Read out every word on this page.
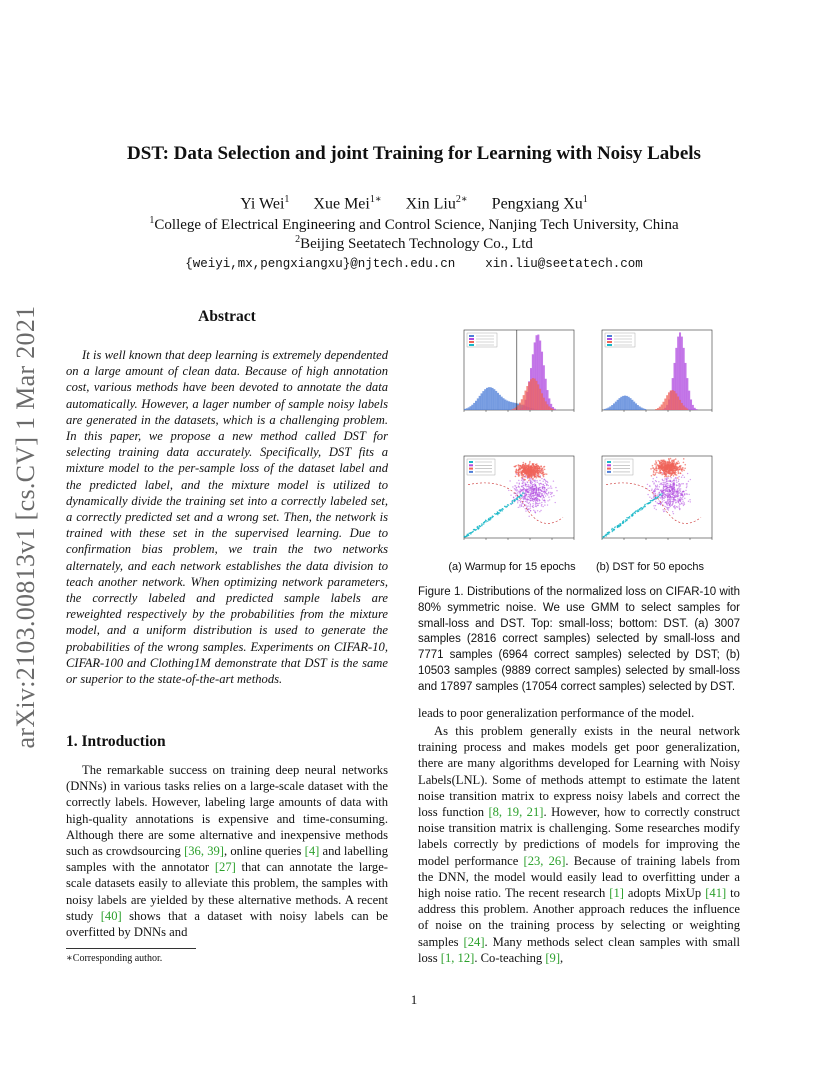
DST: Data Selection and joint Training for Learning with Noisy Labels
Yi Wei$^1$ Xue Mei$^{1∗}$ Xin Liu$^{2∗}$ Pengxiang Xu$^1$
$^1$College of Electrical Engineering and Control Science, Nanjing Tech University, China
$^2$Beijing Seetatech Technology Co., Ltd
{weiyi,mx,pengxiangxu}@njtech.edu.cn    xin.liu@seetatech.com
arXiv:2103.00813v1 [cs.CV] 1 Mar 2021	Abstract
It is well known that deep learning is extremely dependented on a large amount of clean data. Because of high annotation cost, various methods have been devoted to annotate the data automatically. However, a lager number of sample noisy labels are generated in the datasets, which is a challenging problem. In this paper, we propose a new method called DST for selecting training data accurately. Specifically, DST fits a mixture model to the per-sample loss of the dataset label and the predicted label, and the mixture model is utilized to dynamically divide the training set into a correctly labeled set, a correctly predicted set and a wrong set. Then, the network is trained with these set in the supervised learning. Due to confirmation bias problem, we train the two networks alternately, and each network establishes the data division to teach another network. When optimizing network parameters, the correctly labeled and predicted sample labels are reweighted respectively by the probabilities from the mixture model, and a uniform distribution is used to generate the probabilities of the wrong samples. Experiments on CIFAR-10, CIFAR-100 and Clothing1M demonstrate that DST is the same or superior to the state-of-the-art methods.
1. Introduction
The remarkable success on training deep neural networks (DNNs) in various tasks relies on a large-scale dataset with the correctly labels. However, labeling large amounts of data with high-quality annotations is expensive and time-consuming. Although there are some alternative and inexpensive methods such as crowdsourcing [36, 39], online queries [4] and labelling samples with the annotator [27] that can annotate the large-scale datasets easily to alleviate this problem, the samples with noisy labels are yielded by these alternative methods. A recent study [40] shows that a dataset with noisy labels can be overfitted by DNNs and
∗Corresponding author.
1
(a) Warmup for 15 epochs	(b) DST for 50 epochs
Figure 1. Distributions of the normalized loss on CIFAR-10 with 80% symmetric noise. We use GMM to select samples for small-loss and DST. Top: small-loss; bottom: DST. (a) 3007 samples (2816 correct samples) selected by small-loss and 7771 samples (6964 correct samples) selected by DST; (b) 10503 samples (9889 correct samples) selected by small-loss and 17897 samples (17054 correct samples) selected by DST.
leads to poor generalization performance of the model.
As this problem generally exists in the neural network training process and makes models get poor generalization, there are many algorithms developed for Learning with Noisy Labels(LNL). Some of methods attempt to estimate the latent noise transition matrix to express noisy labels and correct the loss function [8, 19, 21]. However, how to correctly construct noise transition matrix is challenging. Some researches modify labels correctly by predictions of models for improving the model performance [23, 26]. Because of training labels from the DNN, the model would easily lead to overfitting under a high noise ratio. The recent research [1] adopts MixUp [41] to address this problem. Another approach reduces the influence of noise on the training process by selecting or weighting samples [24]. Many methods select clean samples with small loss [1, 12]. Co-teaching [9],
